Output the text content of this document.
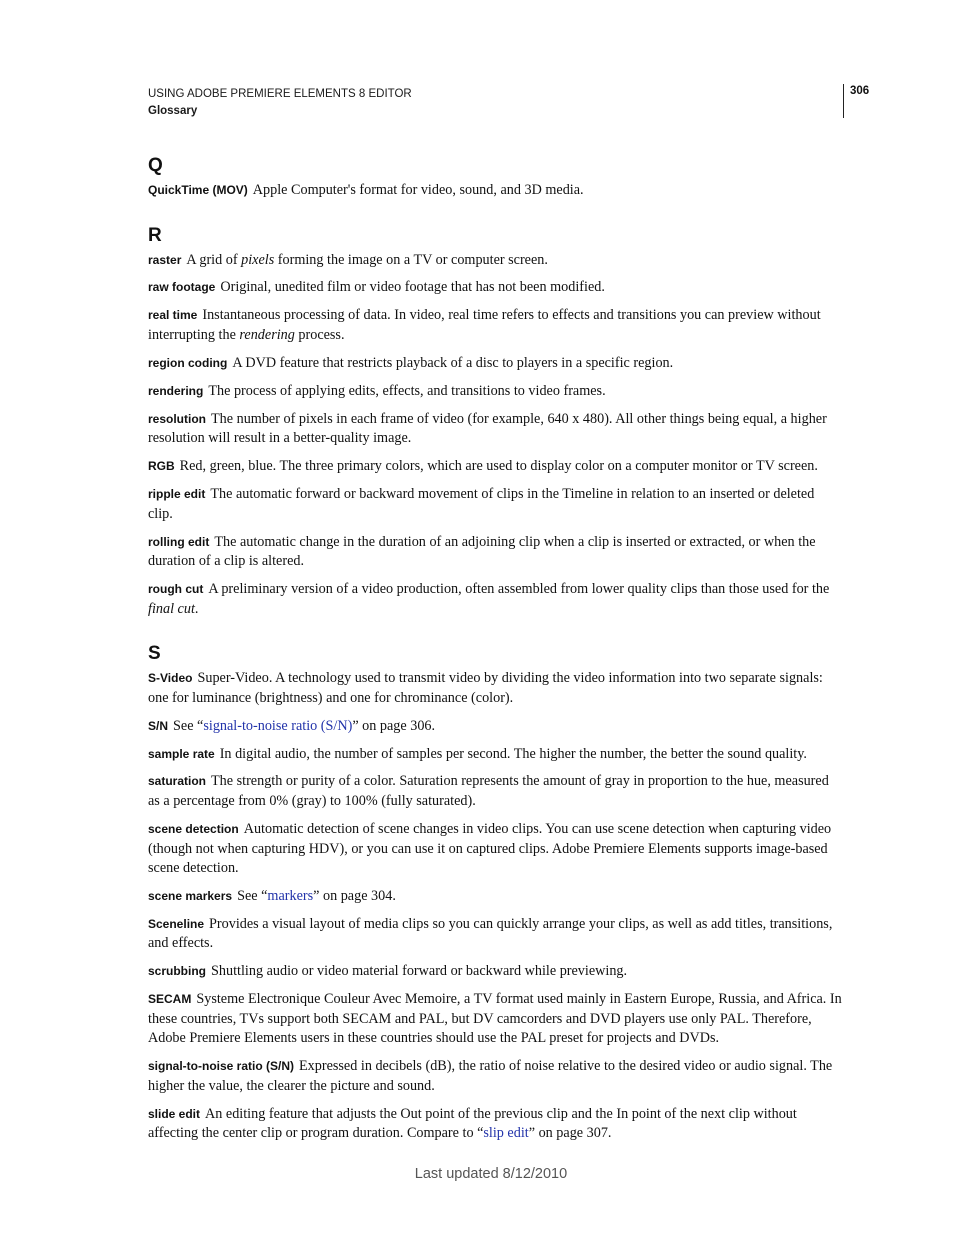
USING ADOBE PREMIERE ELEMENTS 8 EDITOR
Glossary
306
Q
QuickTime (MOV) Apple Computer's format for video, sound, and 3D media.
R
raster A grid of pixels forming the image on a TV or computer screen.
raw footage Original, unedited film or video footage that has not been modified.
real time Instantaneous processing of data. In video, real time refers to effects and transitions you can preview without interrupting the rendering process.
region coding A DVD feature that restricts playback of a disc to players in a specific region.
rendering The process of applying edits, effects, and transitions to video frames.
resolution The number of pixels in each frame of video (for example, 640 x 480). All other things being equal, a higher resolution will result in a better-quality image.
RGB Red, green, blue. The three primary colors, which are used to display color on a computer monitor or TV screen.
ripple edit The automatic forward or backward movement of clips in the Timeline in relation to an inserted or deleted clip.
rolling edit The automatic change in the duration of an adjoining clip when a clip is inserted or extracted, or when the duration of a clip is altered.
rough cut A preliminary version of a video production, often assembled from lower quality clips than those used for the final cut.
S
S-Video Super-Video. A technology used to transmit video by dividing the video information into two separate signals: one for luminance (brightness) and one for chrominance (color).
S/N See “signal-to-noise ratio (S/N)” on page 306.
sample rate In digital audio, the number of samples per second. The higher the number, the better the sound quality.
saturation The strength or purity of a color. Saturation represents the amount of gray in proportion to the hue, measured as a percentage from 0% (gray) to 100% (fully saturated).
scene detection Automatic detection of scene changes in video clips. You can use scene detection when capturing video (though not when capturing HDV), or you can use it on captured clips. Adobe Premiere Elements supports image-based scene detection.
scene markers See “markers” on page 304.
Sceneline Provides a visual layout of media clips so you can quickly arrange your clips, as well as add titles, transitions, and effects.
scrubbing Shuttling audio or video material forward or backward while previewing.
SECAM Systeme Electronique Couleur Avec Memoire, a TV format used mainly in Eastern Europe, Russia, and Africa. In these countries, TVs support both SECAM and PAL, but DV camcorders and DVD players use only PAL. Therefore, Adobe Premiere Elements users in these countries should use the PAL preset for projects and DVDs.
signal-to-noise ratio (S/N) Expressed in decibels (dB), the ratio of noise relative to the desired video or audio signal. The higher the value, the clearer the picture and sound.
slide edit An editing feature that adjusts the Out point of the previous clip and the In point of the next clip without affecting the center clip or program duration. Compare to “slip edit” on page 307.
Last updated 8/12/2010
